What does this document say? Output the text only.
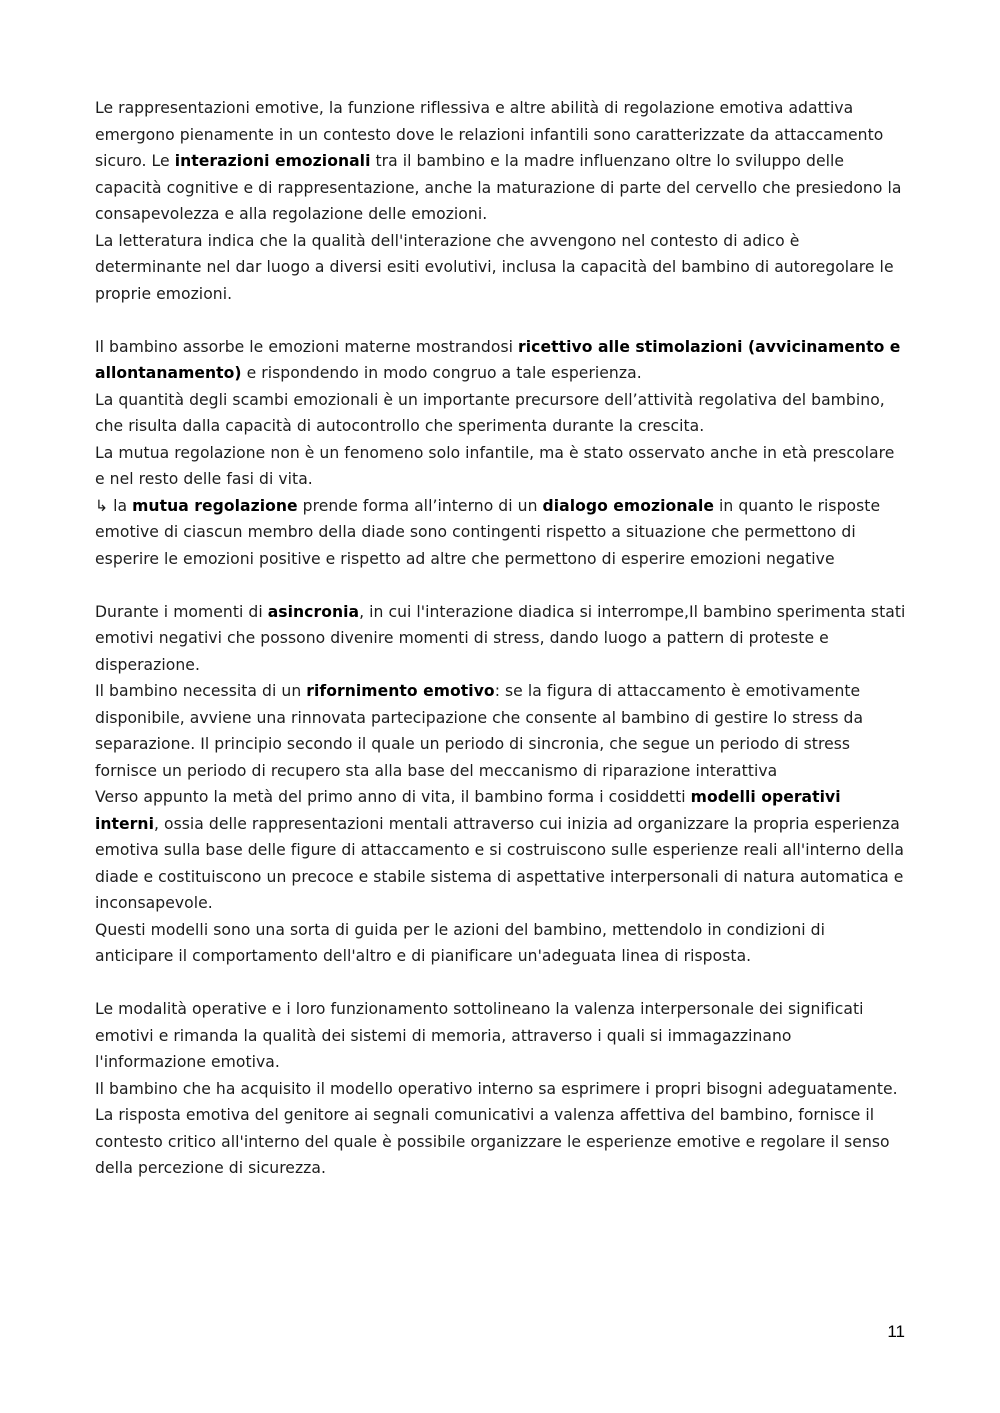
Le rappresentazioni emotive, la funzione riflessiva e altre abilità di regolazione emotiva adattiva emergono pienamente in un contesto dove le relazioni infantili sono caratterizzate da attaccamento sicuro. Le interazioni emozionali tra il bambino e la madre influenzano oltre lo sviluppo delle capacità cognitive e di rappresentazione, anche la maturazione di parte del cervello che presiedono la consapevolezza e alla regolazione delle emozioni.

La letteratura indica che la qualità dell'interazione che avvengono nel contesto di adico è determinante nel dar luogo a diversi esiti evolutivi, inclusa la capacità del bambino di autoregolare le proprie emozioni.

Il bambino assorbe le emozioni materne mostrandosi ricettivo alle stimolazioni (avvicinamento e allontanamento) e rispondendo in modo congruo a tale esperienza.

La quantità degli scambi emozionali è un importante precursore dell’attività regolativa del bambino, che risulta dalla capacità di autocontrollo che sperimenta durante la crescita.

La mutua regolazione non è un fenomeno solo infantile, ma è stato osservato anche in età prescolare e nel resto delle fasi di vita.

↳ la mutua regolazione prende forma all’interno di un dialogo emozionale in quanto le risposte emotive di ciascun membro della diade sono contingenti rispetto a situazione che permettono di esperire le emozioni positive e rispetto ad altre che permettono di esperire emozioni negative

Durante i momenti di asincronia, in cui l'interazione diadica si interrompe,Il bambino sperimenta stati emotivi negativi che possono divenire momenti di stress, dando luogo a pattern di proteste e disperazione.

Il bambino necessita di un rifornimento emotivo: se la figura di attaccamento è emotivamente disponibile, avviene una rinnovata partecipazione che consente al bambino di gestire lo stress da separazione. Il principio secondo il quale un periodo di sincronia, che segue un periodo di stress fornisce un periodo di recupero sta alla base del meccanismo di riparazione interattiva

Verso appunto la metà del primo anno di vita, il bambino forma i cosiddetti modelli operativi interni, ossia delle rappresentazioni mentali attraverso cui inizia ad organizzare la propria esperienza emotiva sulla base delle figure di attaccamento e si costruiscono sulle esperienze reali all'interno della diade e costituiscono un precoce e stabile sistema di aspettative interpersonali di natura automatica e inconsapevole.

Questi modelli sono una sorta di guida per le azioni del bambino, mettendolo in condizioni di anticipare il comportamento dell'altro e di pianificare un'adeguata linea di risposta.

Le modalità operative e i loro funzionamento sottolineano la valenza interpersonale dei significati emotivi e rimanda la qualità dei sistemi di memoria, attraverso i quali si immagazzinano l'informazione emotiva.

Il bambino che ha acquisito il modello operativo interno sa esprimere i propri bisogni adeguatamente.

La risposta emotiva del genitore ai segnali comunicativi a valenza affettiva del bambino, fornisce il contesto critico all'interno del quale è possibile organizzare le esperienze emotive e regolare il senso della percezione di sicurezza.

11
